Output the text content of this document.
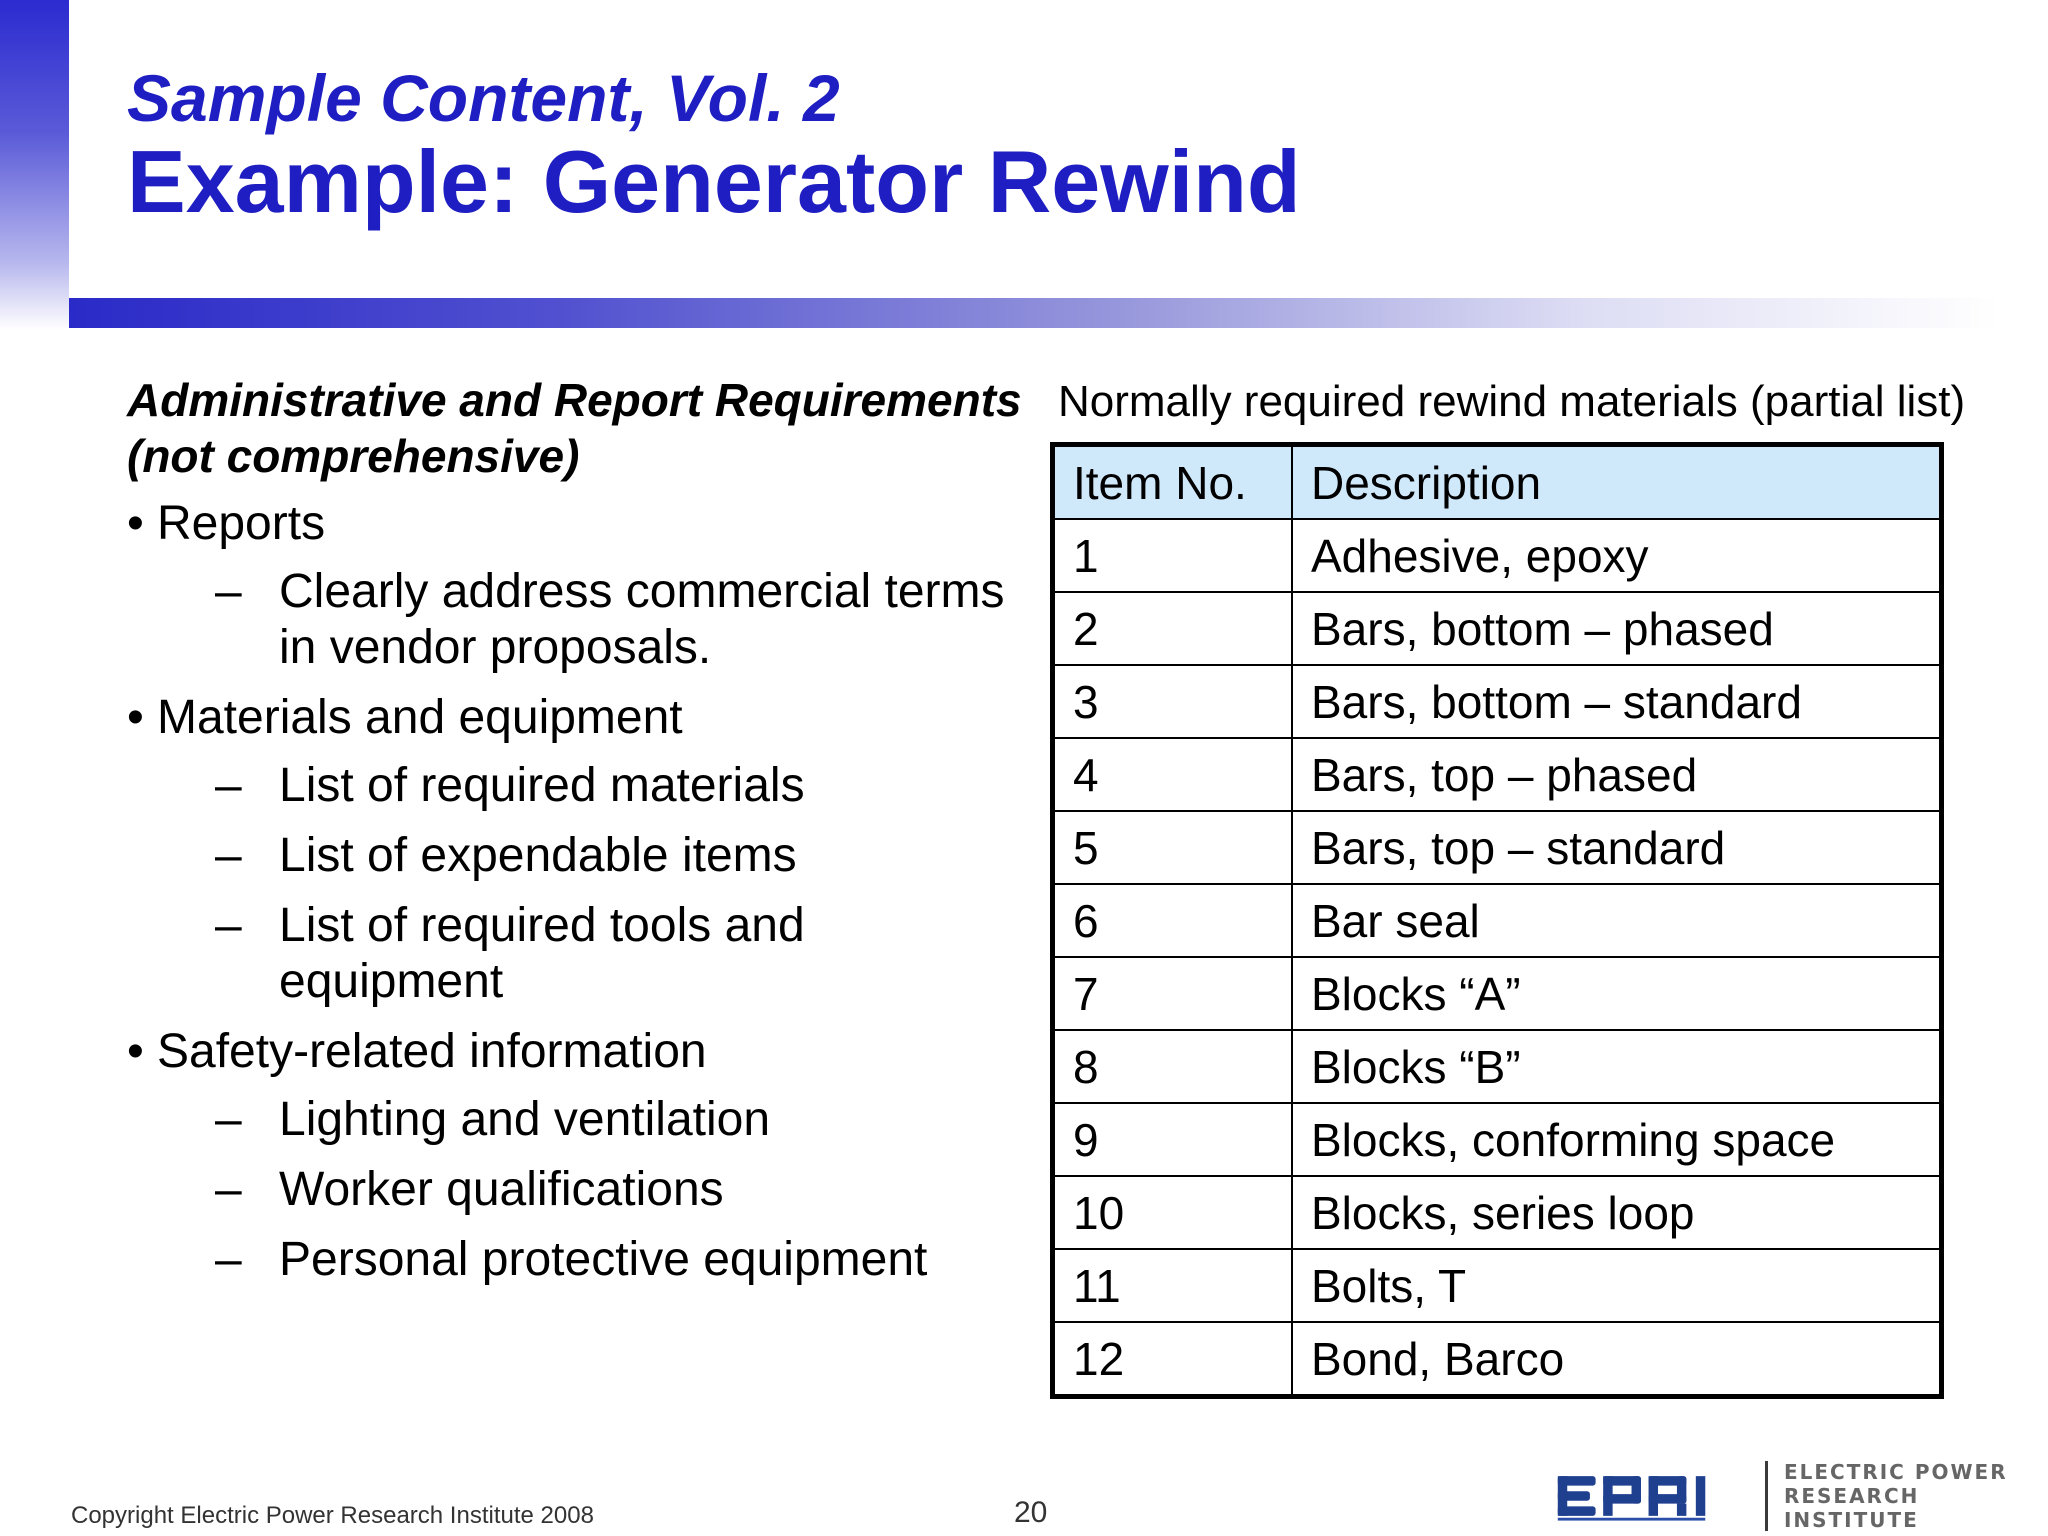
Sample Content, Vol. 2
Example: Generator Rewind

Administrative and Report Requirements (not comprehensive)

• Reports
– Clearly address commercial terms in vendor proposals.
• Materials and equipment
– List of required materials
– List of expendable items
– List of required tools and equipment
• Safety-related information
– Lighting and ventilation
– Worker qualifications
– Personal protective equipment

Normally required rewind materials (partial list)

Item No.	Description
1	Adhesive, epoxy
2	Bars, bottom – phased
3	Bars, bottom – standard
4	Bars, top – phased
5	Bars, top – standard
6	Bar seal
7	Blocks “A”
8	Blocks “B”
9	Blocks, conforming space
10	Blocks, series loop
11	Bolts, T
12	Bond, Barco
Copyright Electric Power Research Institute 2008	20
ELECTRIC POWER
RESEARCH INSTITUTE
